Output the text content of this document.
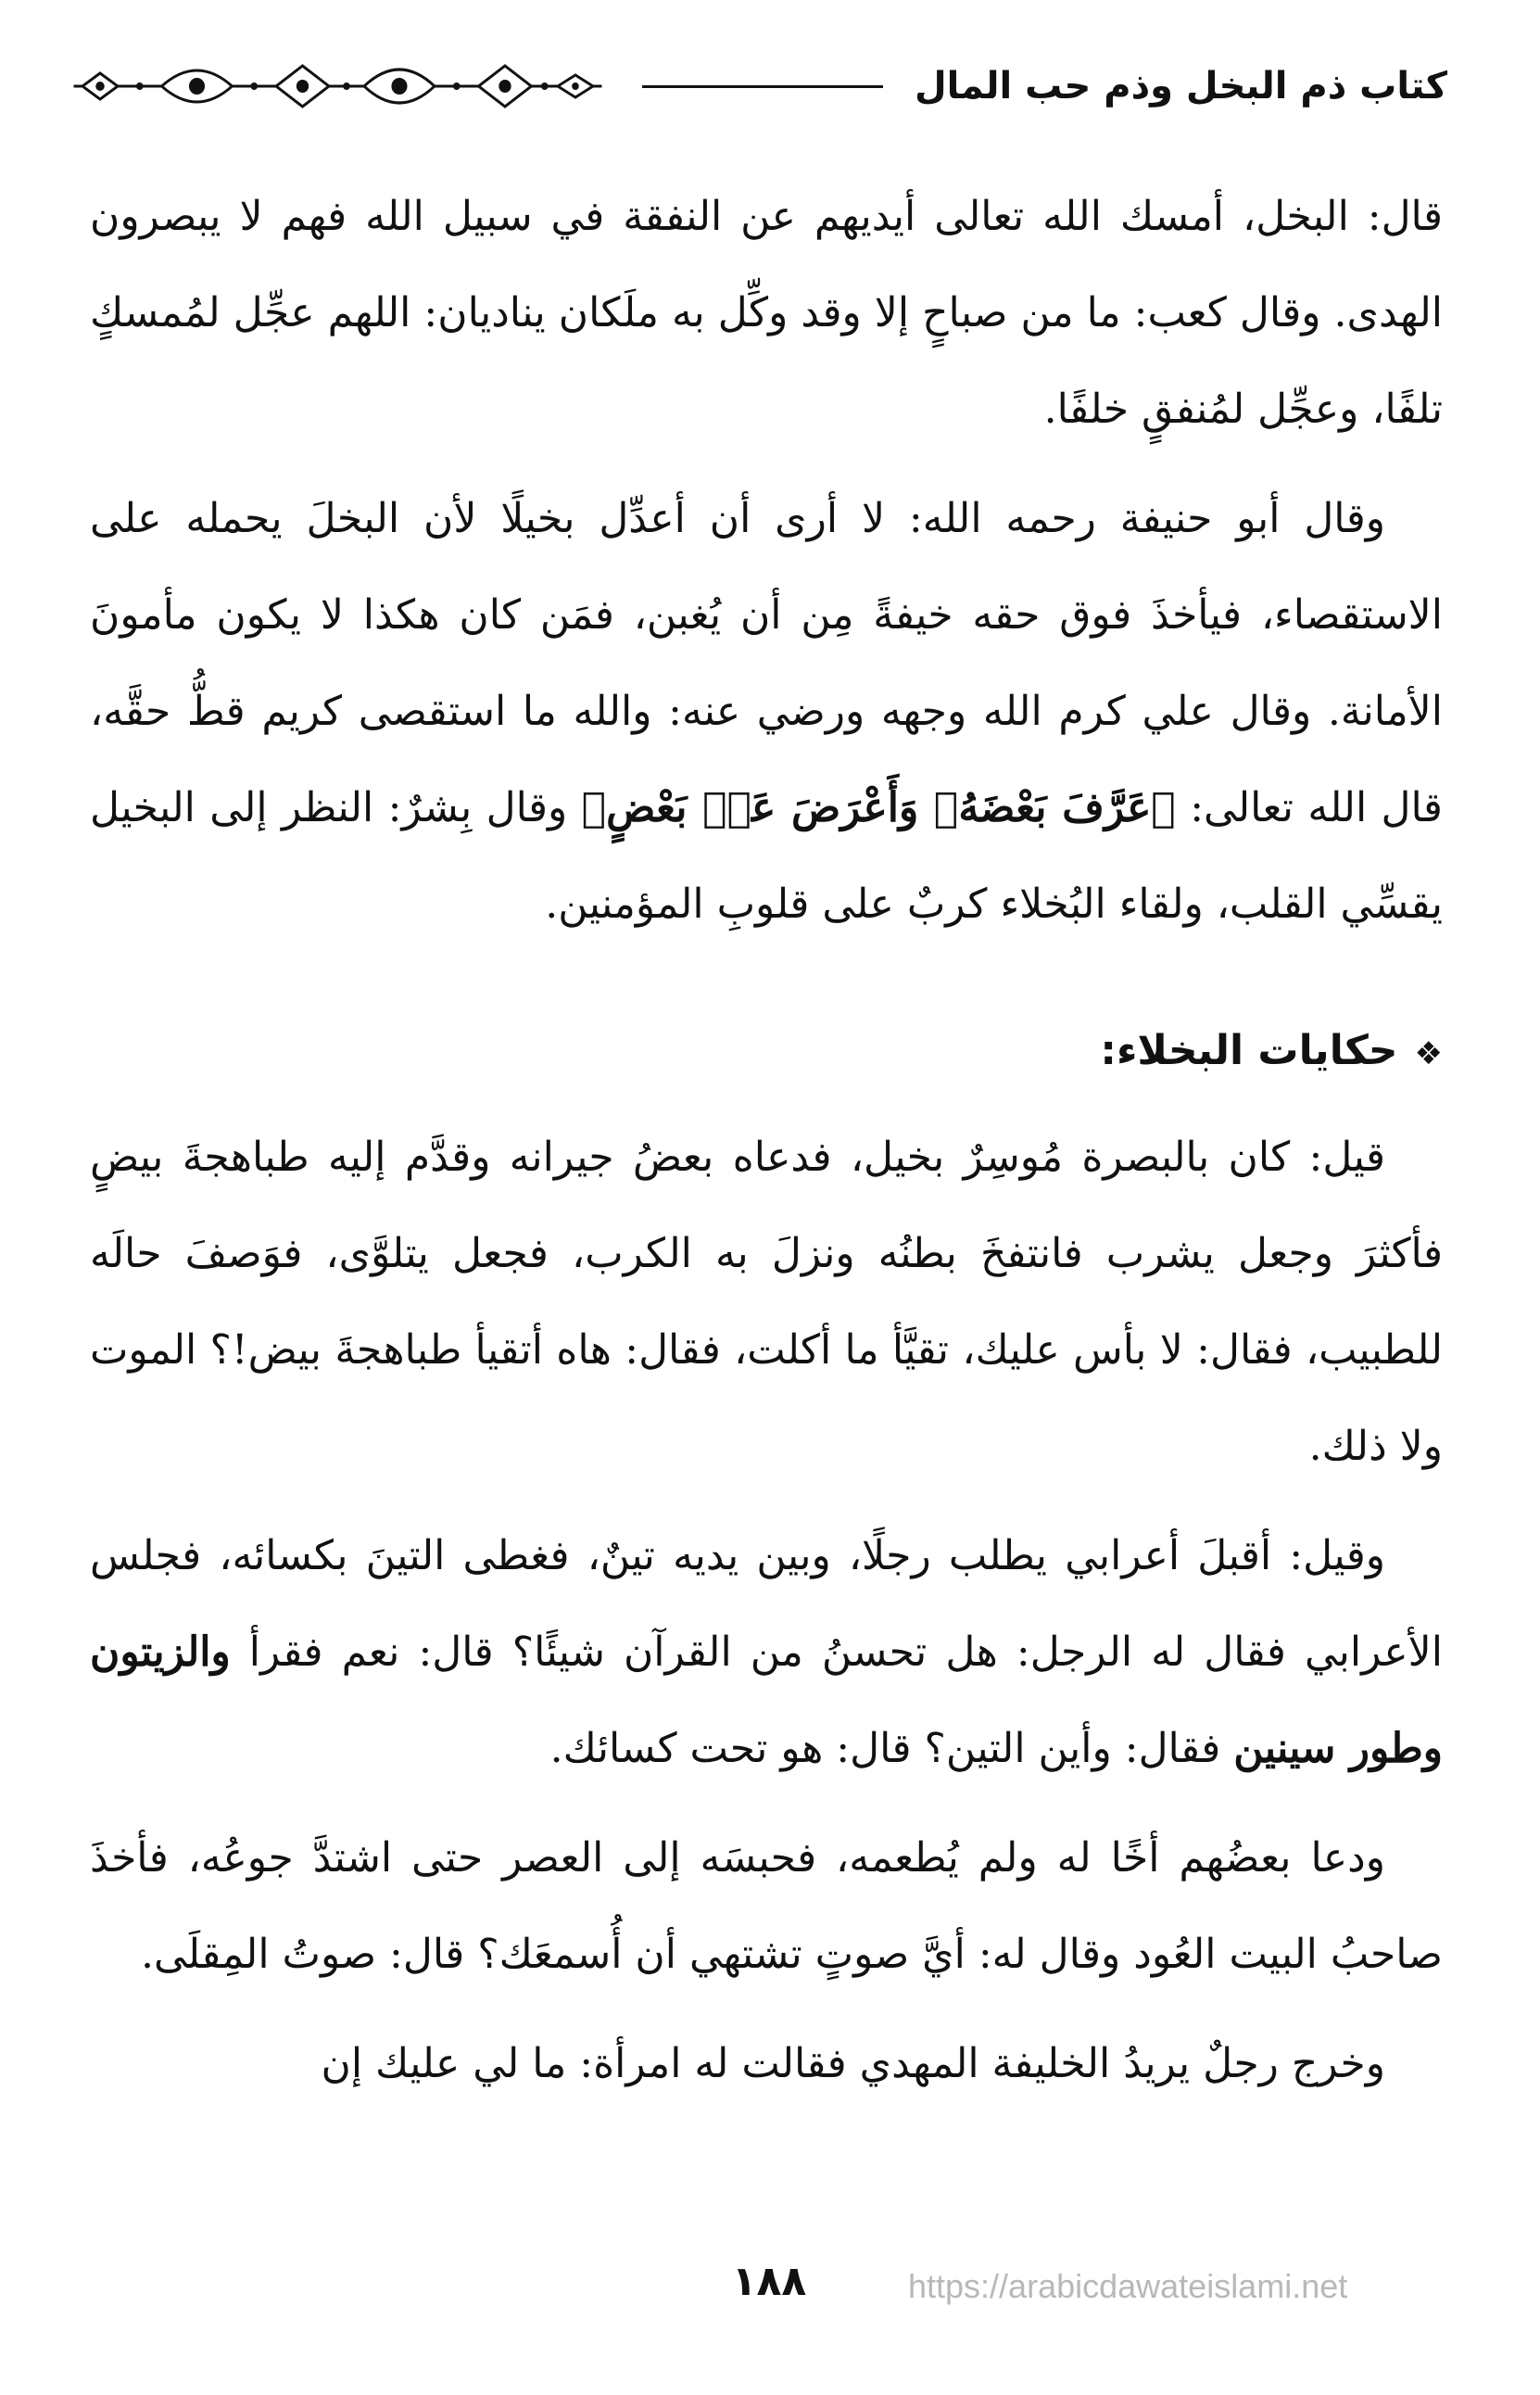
كتاب ذم البخل وذم حب المال

قال: البخل، أمسك الله تعالى أيديهم عن النفقة في سبيل الله فهم لا يبصرون الهدى. وقال كعب: ما من صباحٍ إلا وقد وكِّل به ملَكان يناديان: اللهم عجِّل لمُمسكٍ تلفًا، وعجِّل لمُنفقٍ خلفًا.

وقال أبو حنيفة رحمه الله: لا أرى أن أعدِّل بخيلًا لأن البخلَ يحمله على الاستقصاء، فيأخذَ فوق حقه خيفةً مِن أن يُغبن، فمَن كان هكذا لا يكون مأمونَ الأمانة. وقال علي كرم الله وجهه ورضي عنه: والله ما استقصى كريم قطُّ حقَّه، قال الله تعالى: ﴿عَرَّفَ بَعْضَهُۥ وَأَعْرَضَ عَنۢ بَعْضٍ﴾ وقال بِشرٌ: النظر إلى البخيل يقسِّي القلب، ولقاء البُخلاء كربٌ على قلوبِ المؤمنين.

❖حكايات البخلاء:

قيل: كان بالبصرة مُوسِرٌ بخيل، فدعاه بعضُ جيرانه وقدَّم إليه طباهجةَ بيضٍ فأكثرَ وجعل يشرب فانتفخَ بطنُه ونزلَ به الكرب، فجعل يتلوَّى، فوَصفَ حالَه للطبيب، فقال: لا بأس عليك، تقيَّأ ما أكلت، فقال: هاه أتقيأ طباهجةَ بيض!؟ الموت ولا ذلك.

وقيل: أقبلَ أعرابي يطلب رجلًا، وبين يديه تينٌ، فغطى التينَ بكسائه، فجلس الأعرابي فقال له الرجل: هل تحسنُ من القرآن شيئًا؟ قال: نعم فقرأ والزيتون وطور سينين فقال: وأين التين؟ قال: هو تحت كسائك.

ودعا بعضُهم أخًا له ولم يُطعمه، فحبسَه إلى العصر حتى اشتدَّ جوعُه، فأخذَ صاحبُ البيت العُود وقال له: أيَّ صوتٍ تشتهي أن أُسمعَك؟ قال: صوتُ المِقلَى.

وخرج رجلٌ يريدُ الخليفة المهدي فقالت له امرأة: ما لي عليك إن

١٨٨	https://arabicdawateislami.net
